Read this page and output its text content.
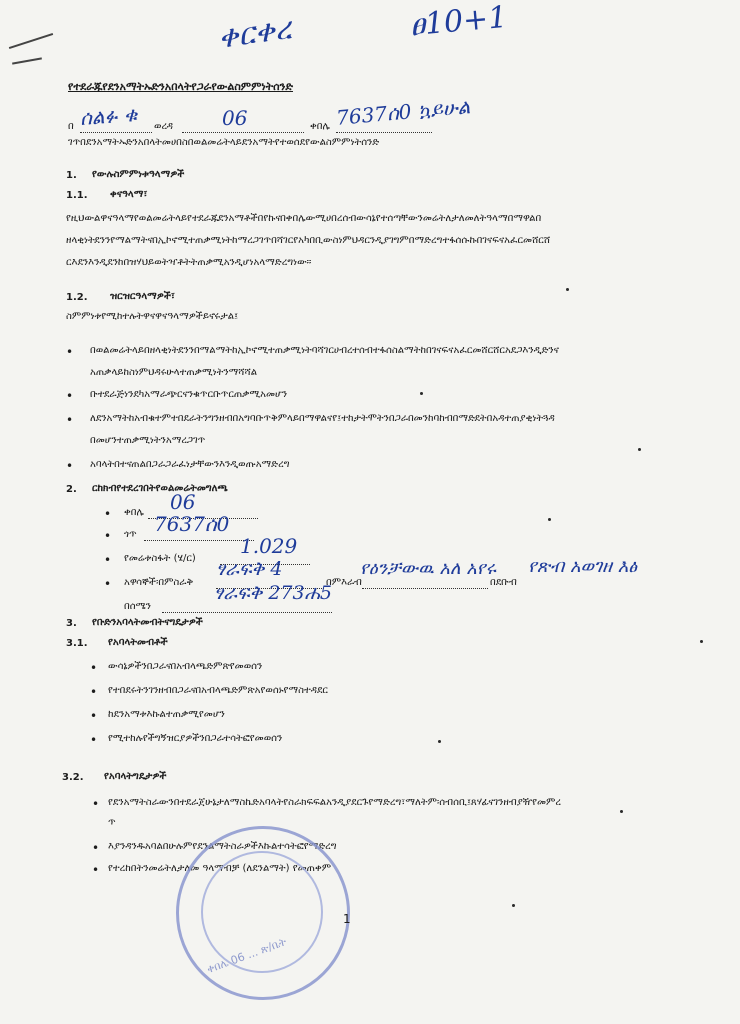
ቀርቀረ	ፀ10+1
የተደራጁየደንአማትኡድንአበላትየጋራየውልስምምነትሰንድ
በ ሰልፉ ቁ ወረዳ 06	ቀበሌ 7637ሰ0 ኳይሁል
ገጥበደንአማትኡድንአበላትመሀበስበወልመሬትላይደንአማትየተወሰደየውልስምምነትሰንድ
1. የውሉስምምነቱዓላማዎች
1.1. ቀናዓላማ፣
የዚህውልዋናዓላማየወልመሬትላይየተደራጁደንአማቶችበየኩናበቀበሌውሚሀበረሰብውሳኔየተሰጣቸውንመሬትለታለመለትዓላማበማዋልበ
ዘላቂነትደንንየማልማትናበኢኮኖሚተጠቃሚነትከማረጋገጥበሻገርየአካበቢውስነምህዳርንዲያገግምበማድረግተፋሰሱኩበገናፍናአፈርመሸርሸ
ርእደንእንዲደንከበዝሃህይወትዣቶትትጠቃሚአንዲሆነአላማድረግነው።
1.2. ዝርዝርዓላማዎች፣
ስምምነቱየሚከተሉትዋናዋናዓላማዎችይኖሩታል፤
• በወልመሬትላይበዘላቂነትደንንበማልማትከኢኮኖሚተጠቃሚነትባሻገርሀብረተሰብተፋሰስልማትከበገናፍናአፈርመሸርሸርአደጋእንዲድንና
አጠቃላይከስነምህዳሩሁላተጠቃሚነትንማሻሻል
• ቡተደራጅነንደካአማራጭርናንቁጥርቡጥርጠቃሚአመሆን
• ለደንአማትከአብቁተምተበደራትንግንዘብበአግባቡጥቅምላይበማዋልናየ፤ተከታትሞትንበጋራበመንከባከብበማድደትበአዳተጠያቂነትጓዳ
በመሆንተጠቃሚነትንአማረጋገጥ
• አባላትበተናጠልበጋራጋራፈነታቸውንእንዲወጡአማድረግ
2. ርከክብየተደረገበትየወልመሬትመግለጫ
• ቀበሌ 06
• ጎጥ 7637ሰ0
• የመሬቱስፋት (ሄ/ር)
1.029
• አዋሳኞች፡በምስራቅ
ፃራፍቅ 4
በምእራብ
የዕንቻውዉ አለ አየሩ
በደቡብ
የጽብ አወገዘ እፅ
በሰሜን
ፃራፍቅ 273ሐ5
3. የቡድንአባላትመብትናግዴታዎች
3.1. የአባላትመብቶች
• ውሳኔዎችንበጋራናበአብላጫድምጽየመወሰን
• የተበደሩትንገንዘብበጋራናበአብላጫድምጽአየወሰኑየማስተዳደር
• ከደንአማቱእኩልተጠቃሚየመሆን
• የሚተከሉየችግኝዝርያዎችንበጋራተሳትፎየመወሰን
3.2. የአባላትግዴታዎች
• የደንአማትስራውንበተደራጀሁኔታለማስኬድአባላትየስራክፍፍልአንዲያደርጉየማድረግ፣ማለትም፡ሰብሰቢ፤ጸሃፊናገንዘብያዥየመምረ
ጥ
• እያንዳንዱአባልበሁሉምየደንልማትስራዎችእኩልተሳትፎየማድረግ
• የተረከበትንመሬትለታለመ ዓላማብቻ (ለደንልማት) የመጠቀም
ቀበሌ 06 ... ጽ/ቤት
1
